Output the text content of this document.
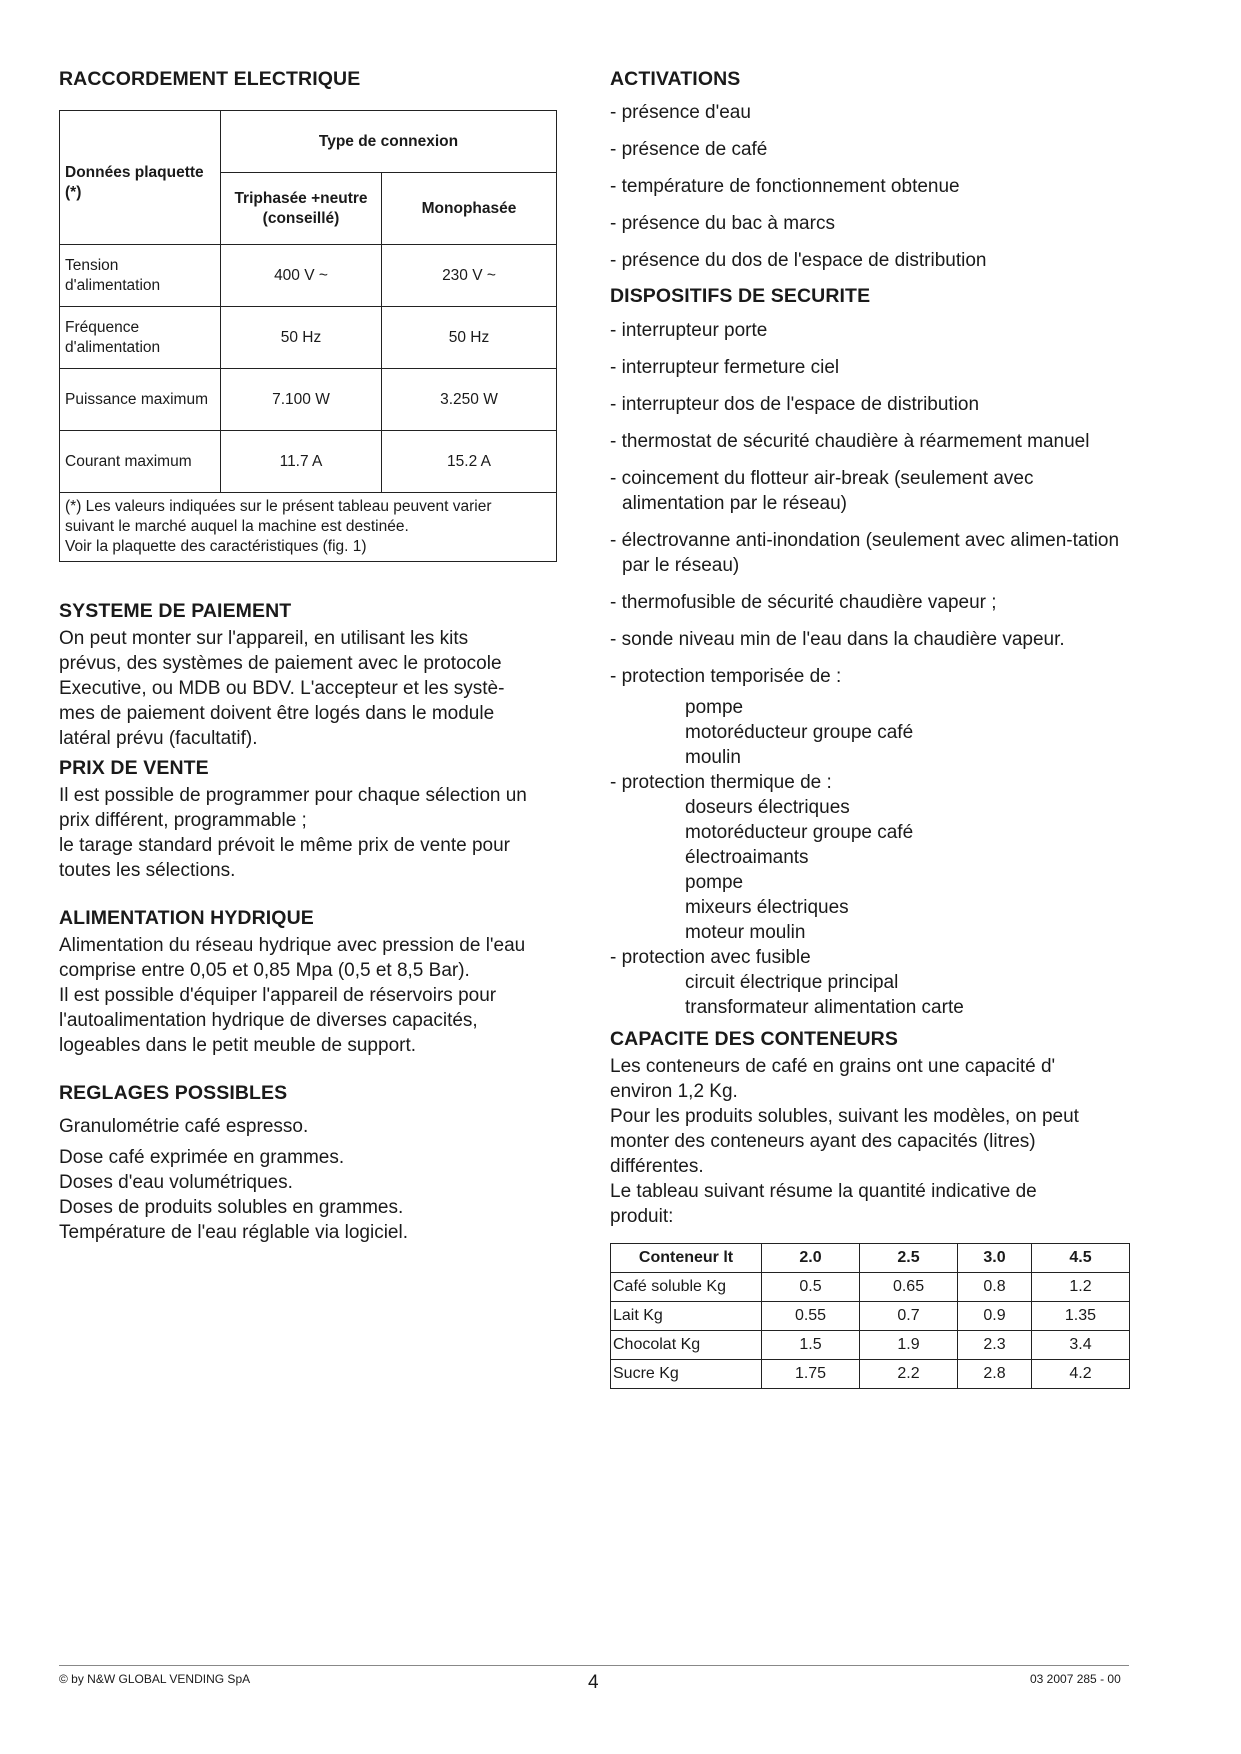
RACCORDEMENT ELECTRIQUE
Données plaquette (*)	Type de connexion	
	Triphasée +neutre (conseillé)	Monophasée
Tension d'alimentation	400 V ~	230 V ~
Fréquence d'alimentation	50 Hz	50 Hz
Puissance maximum	7.100 W	3.250 W
Courant maximum	11.7 A	15.2 A

(*) Les valeurs indiquées sur le présent tableau peuvent varier
suivant le marché auquel la machine est destinée.
Voir la plaquette des caractéristiques (fig. 1)		
SYSTEME DE PAIEMENT

On peut monter sur l'appareil, en utilisant les kits

prévus, des systèmes de paiement avec le protocole

Executive, ou MDB ou BDV. L'accepteur et les systè-

mes de paiement doivent être logés dans le module

latéral prévu (facultatif).

PRIX DE VENTE

Il est possible de programmer pour chaque sélection un

prix différent, programmable ;

le tarage standard prévoit le même prix de vente pour

toutes les sélections.

ALIMENTATION HYDRIQUE

Alimentation du réseau hydrique avec pression de l'eau

comprise entre 0,05 et 0,85 Mpa (0,5 et 8,5 Bar).

Il est possible d'équiper l'appareil de réservoirs pour

l'autoalimentation hydrique de diverses capacités,

logeables dans le petit meuble de support.

REGLAGES POSSIBLES

Granulométrie café espresso.

Dose café exprimée en grammes.

Doses d'eau volumétriques.

Doses de produits solubles en grammes.

Température de l'eau réglable via logiciel.

ACTIVATIONS

- présence d'eau

- présence de café

- température de fonctionnement obtenue

- présence du bac à marcs

- présence du dos de l'espace de distribution

DISPOSITIFS DE SECURITE

- interrupteur porte

- interrupteur fermeture ciel

- interrupteur dos de l'espace de distribution

- thermostat de sécurité chaudière à réarmement manuel

- coincement du flotteur air-break (seulement avec alimentation par le réseau)

- électrovanne anti-inondation (seulement avec alimen-tation par le réseau)

- thermofusible de sécurité chaudière vapeur ;

- sonde niveau min de l'eau dans la chaudière vapeur.

- protection temporisée de :

pompe

motoréducteur groupe café

moulin

- protection thermique de :

doseurs électriques

motoréducteur groupe café

électroaimants

pompe

mixeurs électriques

moteur moulin

- protection avec fusible

circuit électrique principal

transformateur alimentation carte

CAPACITE DES CONTENEURS

Les conteneurs de café en grains ont une capacité d'

environ 1,2 Kg.

Pour les produits solubles, suivant les modèles, on peut

monter des conteneurs ayant des capacités (litres)

différentes.

Le tableau suivant résume la quantité indicative de

produit:

Conteneur lt	2.0	2.5	3.0	4.5
Café soluble Kg	0.5	0.65	0.8	1.2
Lait Kg	0.55	0.7	0.9	1.35
Chocolat Kg	1.5	1.9	2.3	3.4
Sucre Kg	1.75	2.2	2.8	4.2
© by N&W GLOBAL VENDING SpA	4	03 2007 285 - 00
